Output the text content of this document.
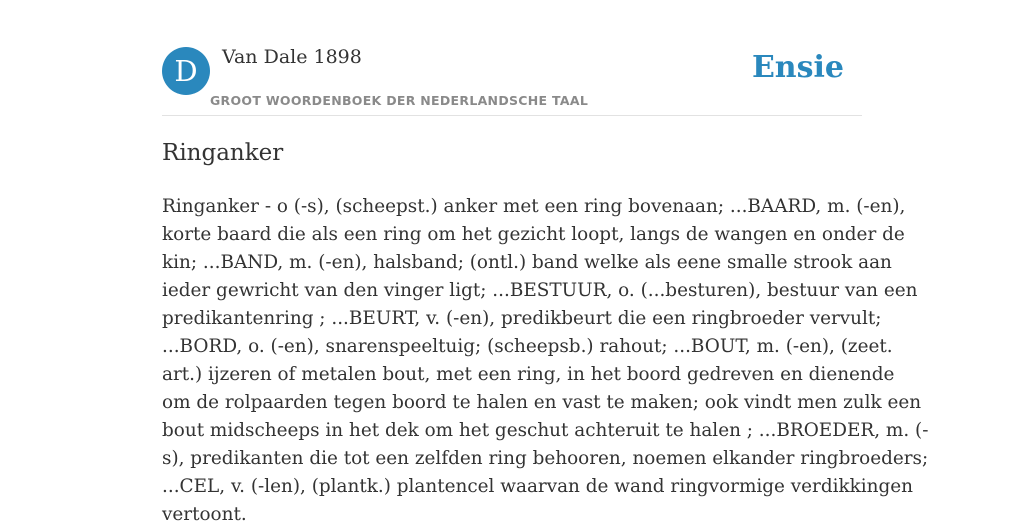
D	Van Dale 1898
GROOT WOORDENBOEK DER NEDERLANDSCHE TAAL
Ensie
Ringanker
Ringanker - o (-s), (scheepst.) anker met een ring bovenaan; ...BAARD, m. (-en),
korte baard die als een ring om het gezicht loopt, langs de wangen en onder de
kin; ...BAND, m. (-en), halsband; (ontl.) band welke als eene smalle strook aan
ieder gewricht van den vinger ligt; ...BESTUUR, o. (...besturen), bestuur van een
predikantenring ; ...BEURT, v. (-en), predikbeurt die een ringbroeder vervult;
...BORD, o. (-en), snarenspeeltuig; (scheepsb.) rahout; ...BOUT, m. (-en), (zeet.
art.) ijzeren of metalen bout, met een ring, in het boord gedreven en dienende
om de rolpaarden tegen boord te halen en vast te maken; ook vindt men zulk een
bout midscheeps in het dek om het geschut achteruit te halen ; ...BROEDER, m. (-
s), predikanten die tot een zelfden ring behooren, noemen elkander ringbroeders;
...CEL, v. (-len), (plantk.) plantencel waarvan de wand ringvormige verdikkingen
vertoont.
